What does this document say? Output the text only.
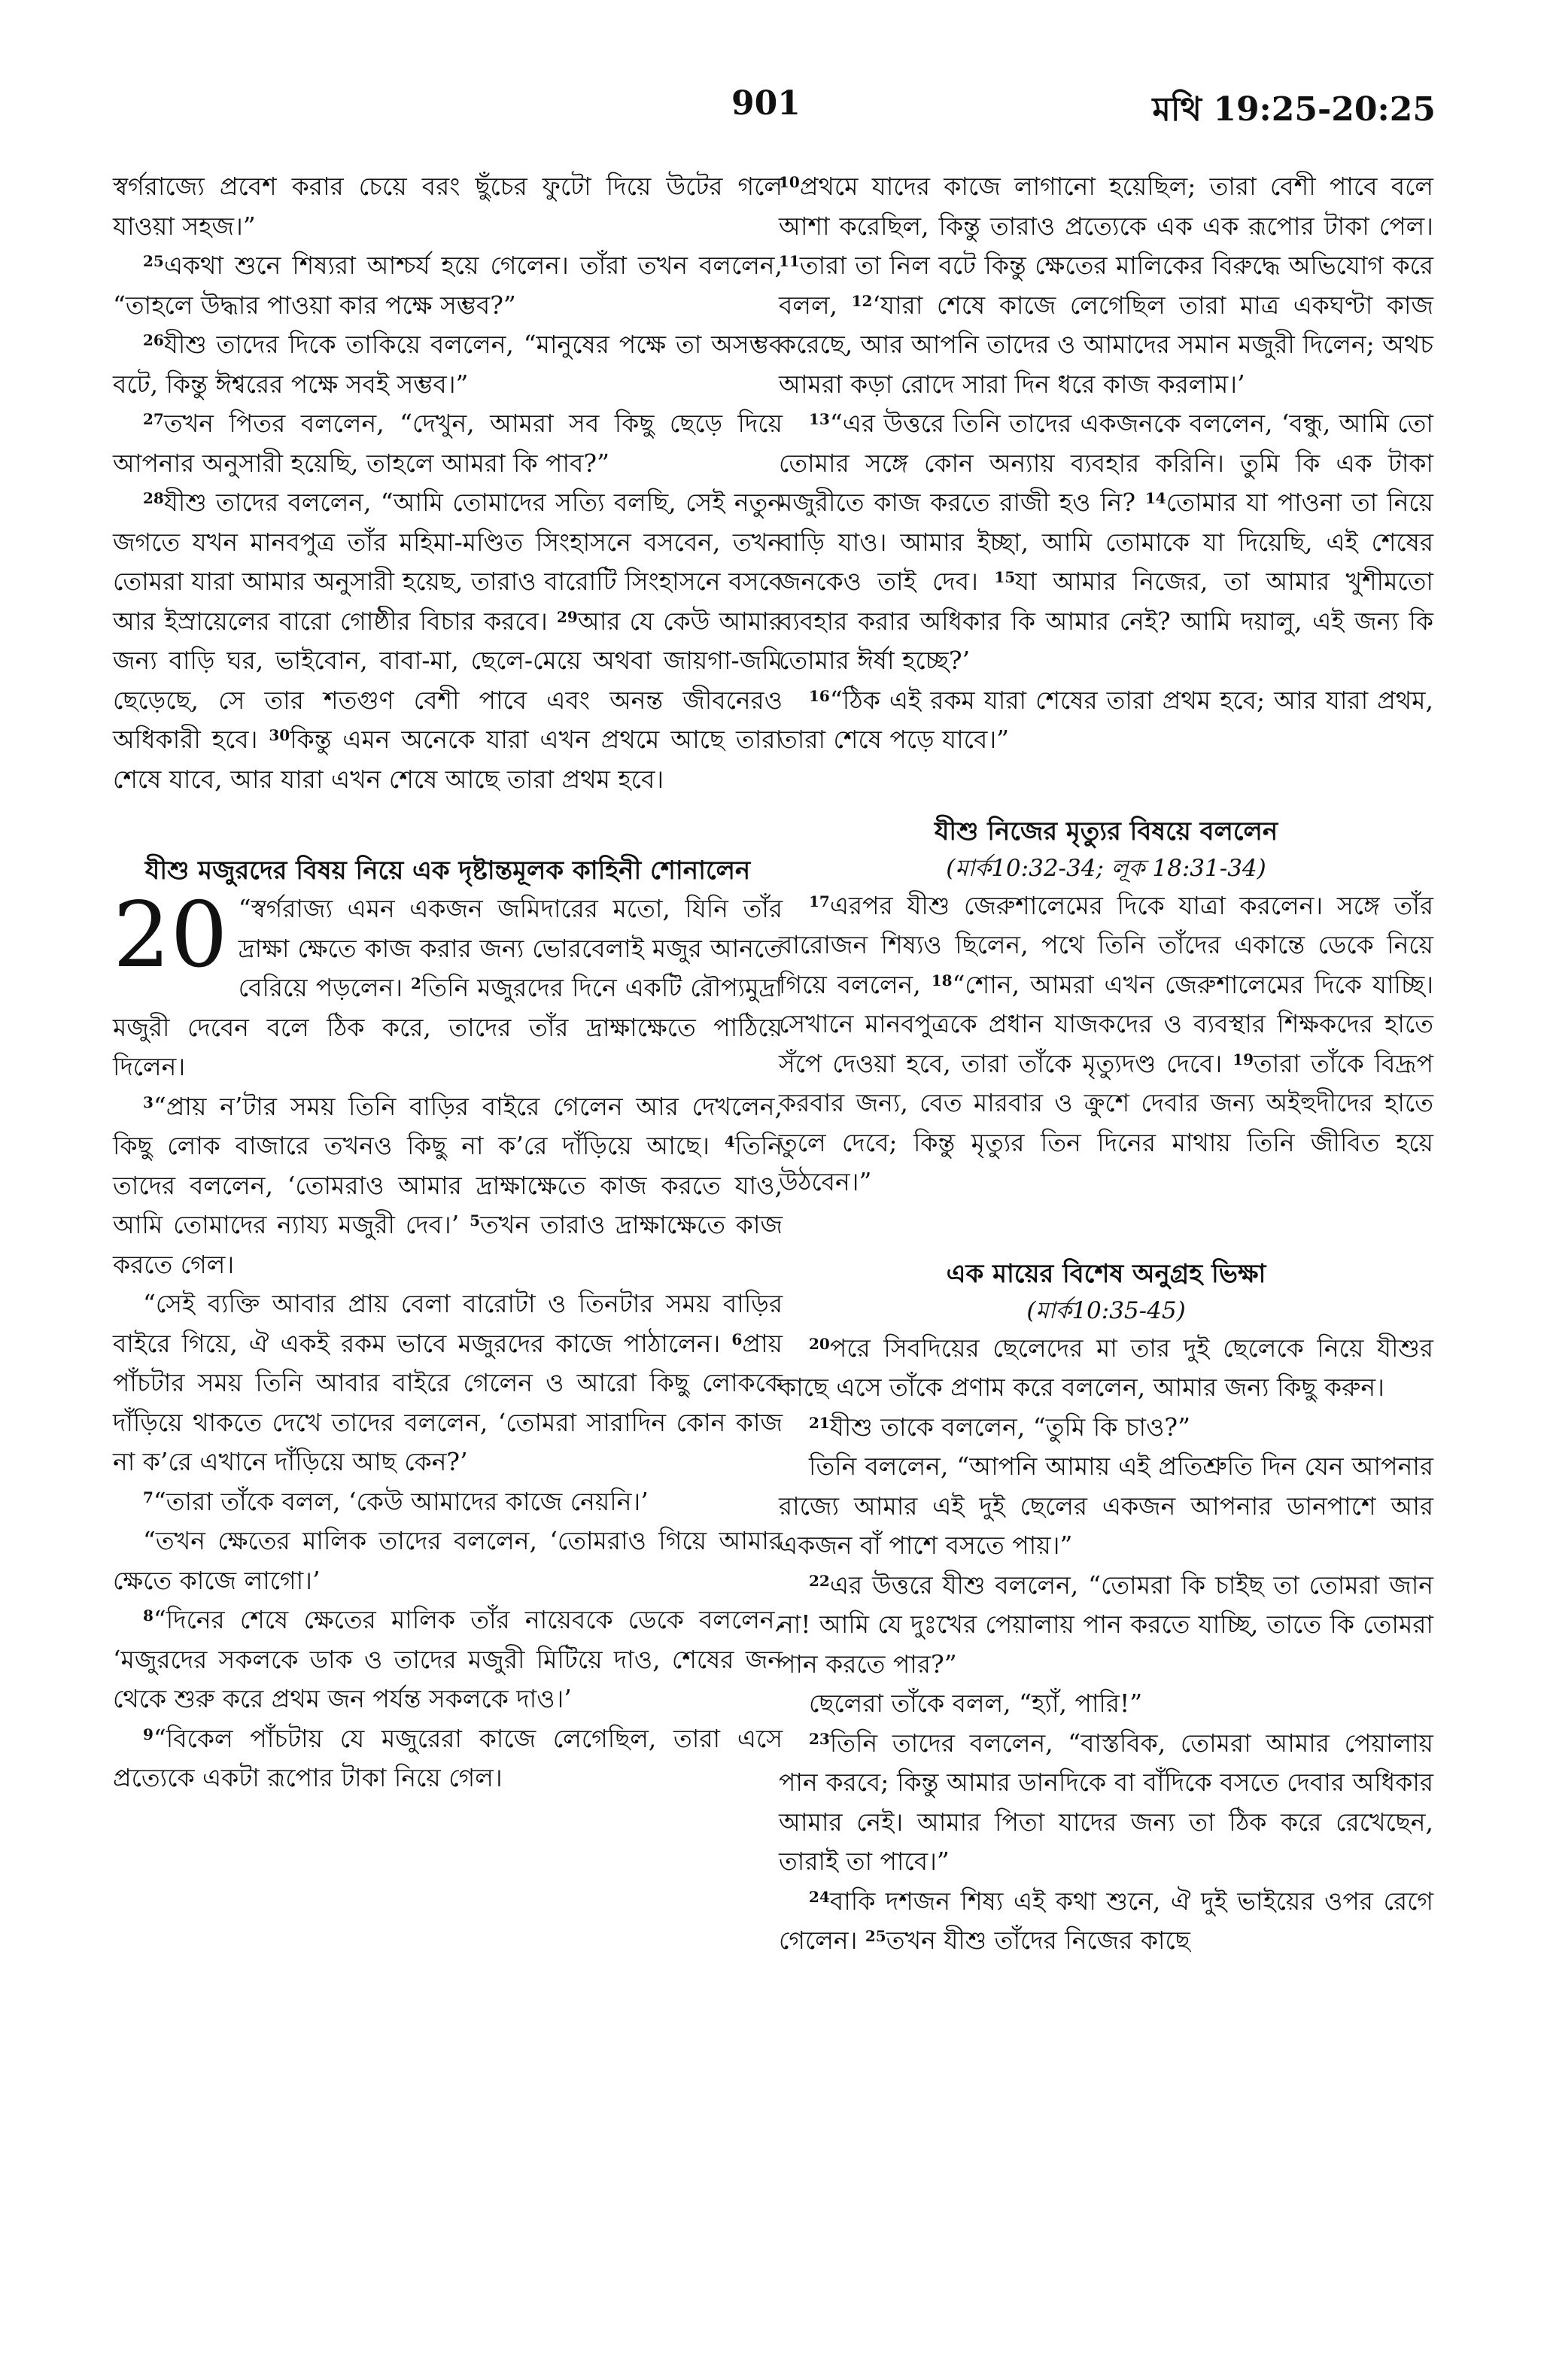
901	মথি 19:25-20:25

স্বর্গরাজ্যে প্রবেশ করার চেয়ে বরং ছুঁচের ফুটো দিয়ে উটের গলে যাওয়া সহজ।”

$^{25}$একথা শুনে শিষ্যরা আশ্চর্য হয়ে গেলেন। তাঁরা তখন বললেন, “তাহলে উদ্ধার পাওয়া কার পক্ষে সম্ভব?”

$^{26}$যীশু তাদের দিকে তাকিয়ে বললেন, “মানুষের পক্ষে তা অসম্ভব বটে, কিন্তু ঈশ্বরের পক্ষে সবই সম্ভব।”

$^{27}$তখন পিতর বললেন, “দেখুন, আমরা সব কিছু ছেড়ে দিয়ে আপনার অনুসারী হয়েছি, তাহলে আমরা কি পাব?”

$^{28}$যীশু তাদের বললেন, “আমি তোমাদের সত্যি বলছি, সেই নতুন জগতে যখন মানবপুত্র তাঁর মহিমা-মণ্ডিত সিংহাসনে বসবেন, তখন তোমরা যারা আমার অনুসারী হয়েছ, তারাও বারোটি সিংহাসনে বসবে আর ইস্রায়েলের বারো গোষ্ঠীর বিচার করবে। $^{29}$আর যে কেউ আমার জন্য বাড়ি ঘর, ভাইবোন, বাবা-মা, ছেলে-মেয়ে অথবা জায়গা-জমি ছেড়েছে, সে তার শতগুণ বেশী পাবে এবং অনন্ত জীবনেরও অধিকারী হবে। $^{30}$কিন্তু এমন অনেকে যারা এখন প্রথমে আছে তারা শেষে যাবে, আর যারা এখন শেষে আছে তারা প্রথম হবে।

যীশু মজুরদের বিষয় নিয়ে এক দৃষ্টান্তমূলক কাহিনী শোনালেন

20 “স্বর্গরাজ্য এমন একজন জমিদারের মতো, যিনি তাঁর দ্রাক্ষা ক্ষেতে কাজ করার জন্য ভোরবেলাই মজুর আনতে বেরিয়ে পড়লেন। $^2$তিনি মজুরদের দিনে একটি রৌপ্যমুদ্রা মজুরী দেবেন বলে ঠিক করে, তাদের তাঁর দ্রাক্ষাক্ষেতে পাঠিয়ে দিলেন।

$^3$“প্রায় ন’টার সময় তিনি বাড়ির বাইরে গেলেন আর দেখলেন, কিছু লোক বাজারে তখনও কিছু না ক’রে দাঁড়িয়ে আছে। $^4$তিনি তাদের বললেন, ‘তোমরাও আমার দ্রাক্ষাক্ষেতে কাজ করতে যাও, আমি তোমাদের ন্যায্য মজুরী দেব।’ $^5$তখন তারাও দ্রাক্ষাক্ষেতে কাজ করতে গেল।

“সেই ব্যক্তি আবার প্রায় বেলা বারোটা ও তিনটার সময় বাড়ির বাইরে গিয়ে, ঐ একই রকম ভাবে মজুরদের কাজে পাঠালেন। $^6$প্রায় পাঁচটার সময় তিনি আবার বাইরে গেলেন ও আরো কিছু লোককে দাঁড়িয়ে থাকতে দেখে তাদের বললেন, ‘তোমরা সারাদিন কোন কাজ না ক’রে এখানে দাঁড়িয়ে আছ কেন?’

$^7$“তারা তাঁকে বলল, ‘কেউ আমাদের কাজে নেয়নি।’

“তখন ক্ষেতের মালিক তাদের বললেন, ‘তোমরাও গিয়ে আমার ক্ষেতে কাজে লাগো।’

$^8$“দিনের শেষে ক্ষেতের মালিক তাঁর নায়েবকে ডেকে বললেন, ‘মজুরদের সকলকে ডাক ও তাদের মজুরী মিটিয়ে দাও, শেষের জন থেকে শুরু করে প্রথম জন পর্যন্ত সকলকে দাও।’

$^9$“বিকেল পাঁচটায় যে মজুরেরা কাজে লেগেছিল, তারা এসে প্রত্যেকে একটা রূপোর টাকা নিয়ে গেল।

$^{10}$প্রথমে যাদের কাজে লাগানো হয়েছিল; তারা বেশী পাবে বলে আশা করেছিল, কিন্তু তারাও প্রত্যেকে এক এক রূপোর টাকা পেল। $^{11}$তারা তা নিল বটে কিন্তু ক্ষেতের মালিকের বিরুদ্ধে অভিযোগ করে বলল, $^{12}$‘যারা শেষে কাজে লেগেছিল তারা মাত্র একঘণ্টা কাজ করেছে, আর আপনি তাদের ও আমাদের সমান মজুরী দিলেন; অথচ আমরা কড়া রোদে সারা দিন ধরে কাজ করলাম।’

$^{13}$“এর উত্তরে তিনি তাদের একজনকে বললেন, ‘বন্ধু, আমি তো তোমার সঙ্গে কোন অন্যায় ব্যবহার করিনি। তুমি কি এক টাকা মজুরীতে কাজ করতে রাজী হও নি? $^{14}$তোমার যা পাওনা তা নিয়ে বাড়ি যাও। আমার ইচ্ছা, আমি তোমাকে যা দিয়েছি, এই শেষের জনকেও তাই দেব। $^{15}$যা আমার নিজের, তা আমার খুশীমতো ব্যবহার করার অধিকার কি আমার নেই? আমি দয়ালু, এই জন্য কি তোমার ঈর্ষা হচ্ছে?’

$^{16}$“ঠিক এই রকম যারা শেষের তারা প্রথম হবে; আর যারা প্রথম, তারা শেষে পড়ে যাবে।”

যীশু নিজের মৃত্যুর বিষয়ে বললেন
(মার্ক10:32-34; লূক 18:31-34)

$^{17}$এরপর যীশু জেরুশালেমের দিকে যাত্রা করলেন। সঙ্গে তাঁর বারোজন শিষ্যও ছিলেন, পথে তিনি তাঁদের একান্তে ডেকে নিয়ে গিয়ে বললেন, $^{18}$“শোন, আমরা এখন জেরুশালেমের দিকে যাচ্ছি। সেখানে মানবপুত্রকে প্রধান যাজকদের ও ব্যবস্থার শিক্ষকদের হাতে সঁপে দেওয়া হবে, তারা তাঁকে মৃত্যুদণ্ড দেবে। $^{19}$তারা তাঁকে বিদ্রূপ করবার জন্য, বেত মারবার ও ক্রুশে দেবার জন্য অইহুদীদের হাতে তুলে দেবে; কিন্তু মৃত্যুর তিন দিনের মাথায় তিনি জীবিত হয়ে উঠবেন।”

এক মায়ের বিশেষ অনুগ্রহ ভিক্ষা
(মার্ক10:35-45)

$^{20}$পরে সিবদিয়ের ছেলেদের মা তার দুই ছেলেকে নিয়ে যীশুর কাছে এসে তাঁকে প্রণাম করে বললেন, আমার জন্য কিছু করুন।

$^{21}$যীশু তাকে বললেন, “তুমি কি চাও?”

তিনি বললেন, “আপনি আমায় এই প্রতিশ্রুতি দিন যেন আপনার রাজ্যে আমার এই দুই ছেলের একজন আপনার ডানপাশে আর একজন বাঁ পাশে বসতে পায়।”

$^{22}$এর উত্তরে যীশু বললেন, “তোমরা কি চাইছ তা তোমরা জান না! আমি যে দুঃখের পেয়ালায় পান করতে যাচ্ছি, তাতে কি তোমরা পান করতে পার?”

ছেলেরা তাঁকে বলল, “হ্যাঁ, পারি!”

$^{23}$তিনি তাদের বললেন, “বাস্তবিক, তোমরা আমার পেয়ালায় পান করবে; কিন্তু আমার ডানদিকে বা বাঁদিকে বসতে দেবার অধিকার আমার নেই। আমার পিতা যাদের জন্য তা ঠিক করে রেখেছেন, তারাই তা পাবে।”

$^{24}$বাকি দশজন শিষ্য এই কথা শুনে, ঐ দুই ভাইয়ের ওপর রেগে গেলেন। $^{25}$তখন যীশু তাঁদের নিজের কাছে
